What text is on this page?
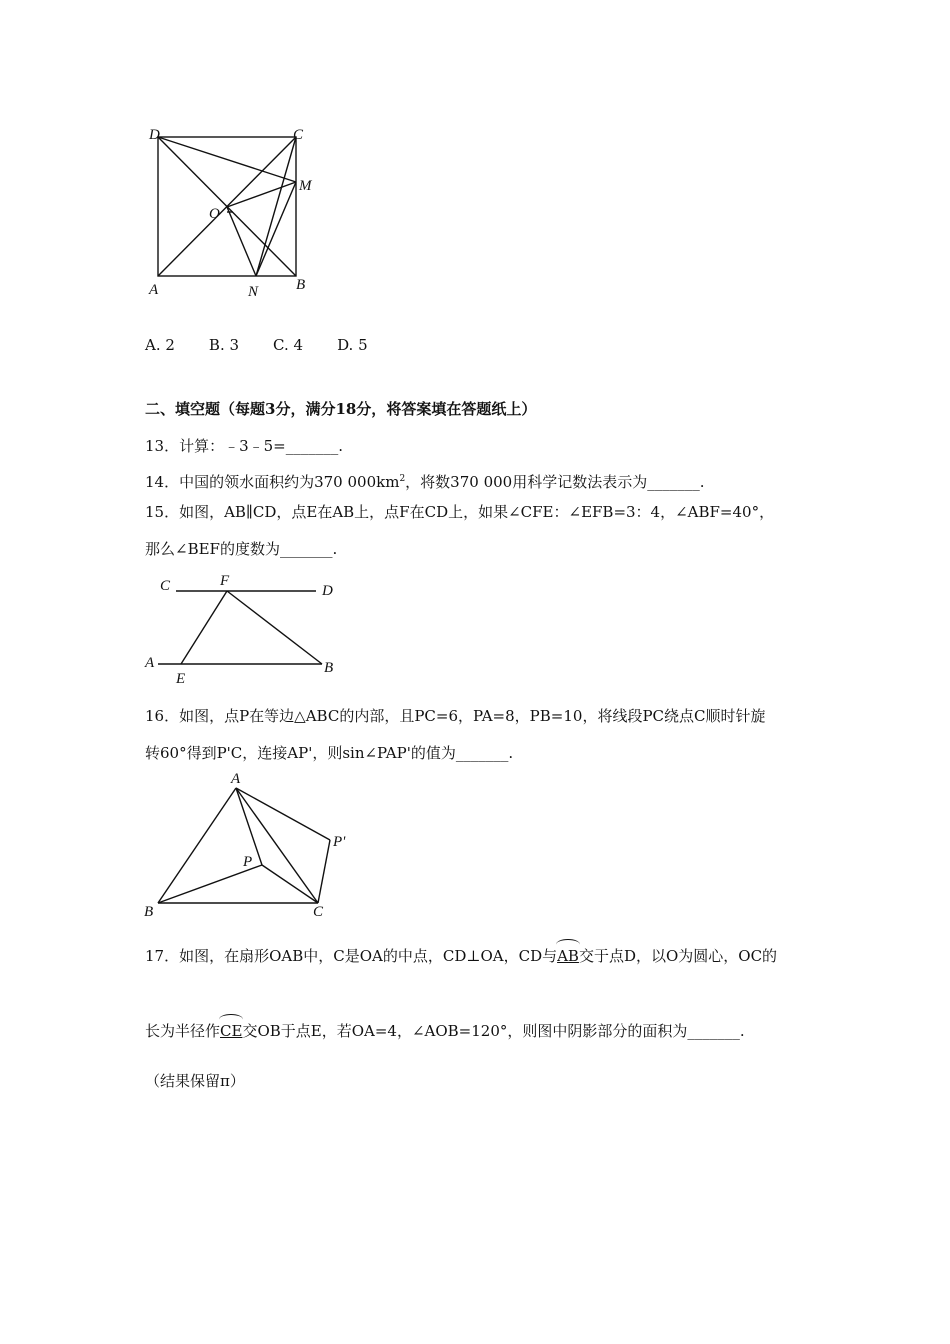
D	C
M
O
A	N	B
A. 2 B. 3 C. 4 D. 5
二、填空题（每题3分，满分18分，将答案填在答题纸上）
13．计算：﹣3﹣5=_______.
14．中国的领水面积约为370 $000km^2$，将数370 000用科学记数法表示为_______.
15．如图，AB∥CD，点E在AB上，点F在CD上，如果∠CFE：∠EFB=3：4，∠ABF=40°，
那么∠BEF的度数为_______.
C	F
D
A
E
B
16．如图，点P在等边△ABC的内部，且PC=6，PA=8，PB=10，将线段PC绕点C顺时针旋
转60°得到P'C，连接AP'，则sin∠PAP'的值为_______.
A
P
P'
B	C
17．如图，在扇形OAB中，C是OA的中点，CD⊥OA，CD与AB交于点D，以O为圆心，OC的
长为半径作CE交OB于点E，若OA=4，∠AOB=120°，则图中阴影部分的面积为_______.
（结果保留π）
